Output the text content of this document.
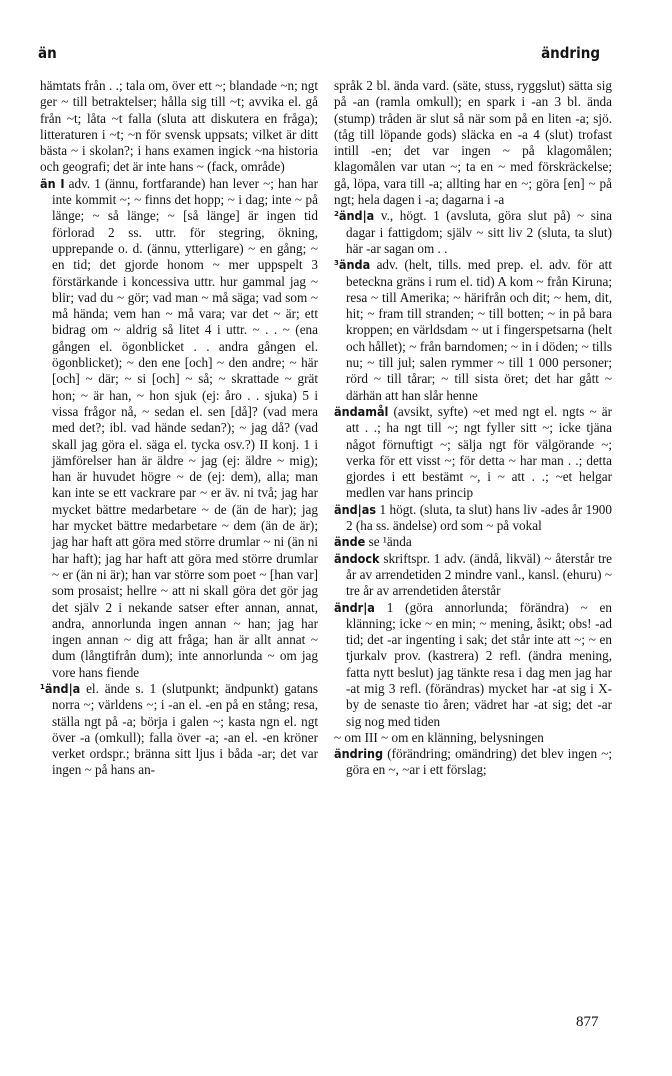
än	ändring

hämtats från . .; tala om, över ett ~; blandade ~n; ngt ger ~ till betraktelser; hålla sig till ~t; avvika el. gå från ~t; låta ~t falla (sluta att diskutera en fråga); litteraturen i ~t; ~n för svensk uppsats; vilket är ditt bästa ~ i skolan?; i hans examen ingick ~na historia och geografi; det är inte hans ~ (fack, område)

än I adv. 1 (ännu, fortfarande) han lever ~; han har inte kommit ~; ~ finns det hopp; ~ i dag; inte ~ på länge; ~ så länge; ~ [så länge] är ingen tid förlorad 2 ss. uttr. för stegring, ökning, upprepande o. d. (ännu, ytterligare) ~ en gång; ~ en tid; det gjorde honom ~ mer uppspelt 3 förstärkande i koncessiva uttr. hur gammal jag ~ blir; vad du ~ gör; vad man ~ må säga; vad som ~ må hända; vem han ~ må vara; var det ~ är; ett bidrag om ~ aldrig så litet 4 i uttr. ~ . . ~ (ena gången el. ögonblicket . . andra gången el. ögonblicket); ~ den ene [och] ~ den andre; ~ här [och] ~ där; ~ si [och] ~ så; ~ skrattade ~ grät hon; ~ är han, ~ hon sjuk (ej: åro . . sjuka) 5 i vissa frågor nå, ~ sedan el. sen [då]? (vad mera med det?; ibl. vad hände sedan?); ~ jag då? (vad skall jag göra el. säga el. tycka osv.?) II konj. 1 i jämförelser han är äldre ~ jag (ej: äldre ~ mig); han är huvudet högre ~ de (ej: dem), alla; man kan inte se ett vackrare par ~ er äv. ni två; jag har mycket bättre medarbetare ~ de (än de har); jag har mycket bättre medarbetare ~ dem (än de är); jag har haft att göra med större drumlar ~ ni (än ni har haft); jag har haft att göra med större drumlar ~ er (än ni är); han var större som poet ~ [han var] som prosaist; hellre ~ att ni skall göra det gör jag det själv 2 i nekande satser efter annan, annat, andra, annorlunda ingen annan ~ han; jag har ingen annan ~ dig att fråga; han är allt annat ~ dum (långtifrån dum); inte annorlunda ~ om jag vore hans fiende

¹änd|a el. ände s. 1 (slutpunkt; ändpunkt) gatans norra ~; världens ~; i -an el. -en på en stång; resa, ställa ngt på -a; börja i galen ~; kasta ngn el. ngt över -a (omkull); falla över -a; -an el. -en kröner verket ordspr.; bränna sitt ljus i båda -ar; det var ingen ~ på hans an-

språk 2 bl. ända vard. (säte, stuss, ryggslut) sätta sig på -an (ramla omkull); en spark i -an 3 bl. ända (stump) tråden är slut så när som på en liten -a; sjö. (tåg till löpande gods) släcka en -a 4 (slut) trofast intill -en; det var ingen ~ på klagomålen; klagomålen var utan ~; ta en ~ med förskräckelse; gå, löpa, vara till -a; allting har en ~; göra [en] ~ på ngt; hela dagen i -a; dagarna i -a

²änd|a v., högt. 1 (avsluta, göra slut på) ~ sina dagar i fattigdom; själv ~ sitt liv 2 (sluta, ta slut) här -ar sagan om . .

³ända adv. (helt, tills. med prep. el. adv. för att beteckna gräns i rum el. tid) A kom ~ från Kiruna; resa ~ till Amerika; ~ härifrån och dit; ~ hem, dit, hit; ~ fram till stranden; ~ till botten; ~ in på bara kroppen; en världsdam ~ ut i fingerspetsarna (helt och hållet); ~ från barndomen; ~ in i döden; ~ tills nu; ~ till jul; salen rymmer ~ till 1 000 personer; rörd ~ till tårar; ~ till sista öret; det har gått ~ därhän att han slår henne

ändamål (avsikt, syfte) ~et med ngt el. ngts ~ är att . .; ha ngt till ~; ngt fyller sitt ~; icke tjäna något förnuftigt ~; sälja ngt för välgörande ~; verka för ett visst ~; för detta ~ har man . .; detta gjordes i ett bestämt ~, i ~ att . .; ~et helgar medlen var hans princip

änd|as 1 högt. (sluta, ta slut) hans liv -ades år 1900 2 (ha ss. ändelse) ord som ~ på vokal

ände se ¹ända

ändock skriftspr. 1 adv. (ändå, likväl) ~ återstår tre år av arrendetiden 2 mindre vanl., kansl. (ehuru) ~ tre år av arrendetiden återstår

ändr|a 1 (göra annorlunda; förändra) ~ en klänning; icke ~ en min; ~ mening, åsikt; obs! -ad tid; det -ar ingenting i sak; det står inte att ~; ~ en tjurkalv prov. (kastrera) 2 refl. (ändra mening, fatta nytt beslut) jag tänkte resa i dag men jag har -at mig 3 refl. (förändras) mycket har -at sig i X-by de senaste tio åren; vädret har -at sig; det -ar sig nog med tiden

~ om III ~ om en klänning, belysningen

ändring (förändring; omändring) det blev ingen ~; göra en ~, ~ar i ett förslag;

877
